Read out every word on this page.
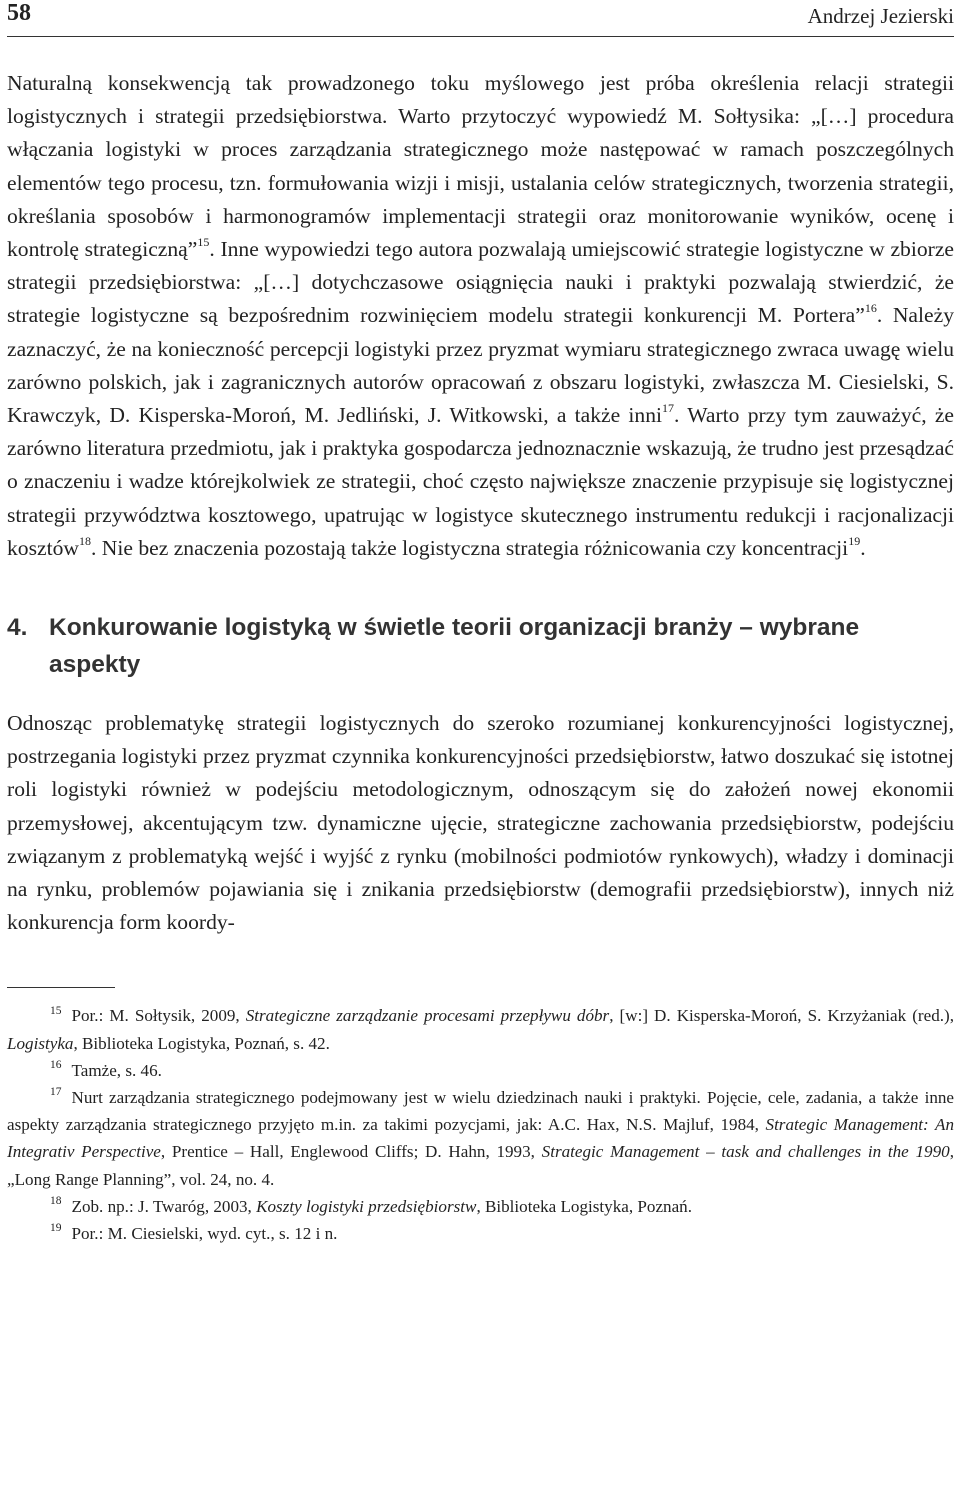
58	Andrzej Jezierski

Naturalną konsekwencją tak prowadzonego toku myślowego jest próba określenia relacji strategii logistycznych i strategii przedsiębiorstwa. Warto przytoczyć wypowiedź M. Sołtysika: „[…] procedura włączania logistyki w proces zarządzania strategicznego może następować w ramach poszczególnych elementów tego procesu, tzn. formułowania wizji i misji, ustalania celów strategicznych, tworzenia strategii, określania sposobów i harmonogramów implementacji strategii oraz monitorowanie wyników, ocenę i kontrolę strategiczną”$^{15}$. Inne wypowiedzi tego autora pozwalają umiejscowić strategie logistyczne w zbiorze strategii przedsiębiorstwa: „[…] dotychczasowe osiągnięcia nauki i praktyki pozwalają stwierdzić, że strategie logistyczne są bezpośrednim rozwinięciem modelu strategii konkurencji M. Portera”$^{16}$. Należy zaznaczyć, że na konieczność percepcji logistyki przez pryzmat wymiaru strategicznego zwraca uwagę wielu zarówno polskich, jak i zagranicznych autorów opracowań z obszaru logistyki, zwłaszcza M. Ciesielski, S. Krawczyk, D. Kisperska-Moroń, M. Jedliński, J. Witkowski, a także inni$^{17}$. Warto przy tym zauważyć, że zarówno literatura przedmiotu, jak i praktyka gospodarcza jednoznacznie wskazują, że trudno jest przesądzać o znaczeniu i wadze którejkolwiek ze strategii, choć często największe znaczenie przypisuje się logistycznej strategii przywództwa kosztowego, upatrując w logistyce skutecznego instrumentu redukcji i racjonalizacji kosztów$^{18}$. Nie bez znaczenia pozostają także logistyczna strategia różnicowania czy koncentracji$^{19}$.

4. Konkurowanie logistyką w świetle teorii organizacji branży – wybrane aspekty

Odnosząc problematykę strategii logistycznych do szeroko rozumianej konkurencyjności logistycznej, postrzegania logistyki przez pryzmat czynnika konkurencyjności przedsiębiorstw, łatwo doszukać się istotnej roli logistyki również w podejściu metodologicznym, odnoszącym się do założeń nowej ekonomii przemysłowej, akcentującym tzw. dynamiczne ujęcie, strategiczne zachowania przedsiębiorstw, podejściu związanym z problematyką wejść i wyjść z rynku (mobilności podmiotów rynkowych), władzy i dominacji na rynku, problemów pojawiania się i znikania przedsiębiorstw (demografii przedsiębiorstw), innych niż konkurencja form koordy-

$^{15}$ Por.: M. Sołtysik, 2009, Strategiczne zarządzanie procesami przepływu dóbr, [w:] D. Kisperska-Moroń, S. Krzyżaniak (red.), Logistyka, Biblioteka Logistyka, Poznań, s. 42.

$^{16}$ Tamże, s. 46.

$^{17}$ Nurt zarządzania strategicznego podejmowany jest w wielu dziedzinach nauki i praktyki. Pojęcie, cele, zadania, a także inne aspekty zarządzania strategicznego przyjęto m.in. za takimi pozycjami, jak: A.C. Hax, N.S. Majluf, 1984, Strategic Management: An Integrativ Perspective, Prentice – Hall, Englewood Cliffs; D. Hahn, 1993, Strategic Management – task and challenges in the 1990, „Long Range Planning”, vol. 24, no. 4.

$^{18}$ Zob. np.: J. Twaróg, 2003, Koszty logistyki przedsiębiorstw, Biblioteka Logistyka, Poznań.

$^{19}$ Por.: M. Ciesielski, wyd. cyt., s. 12 i n.
